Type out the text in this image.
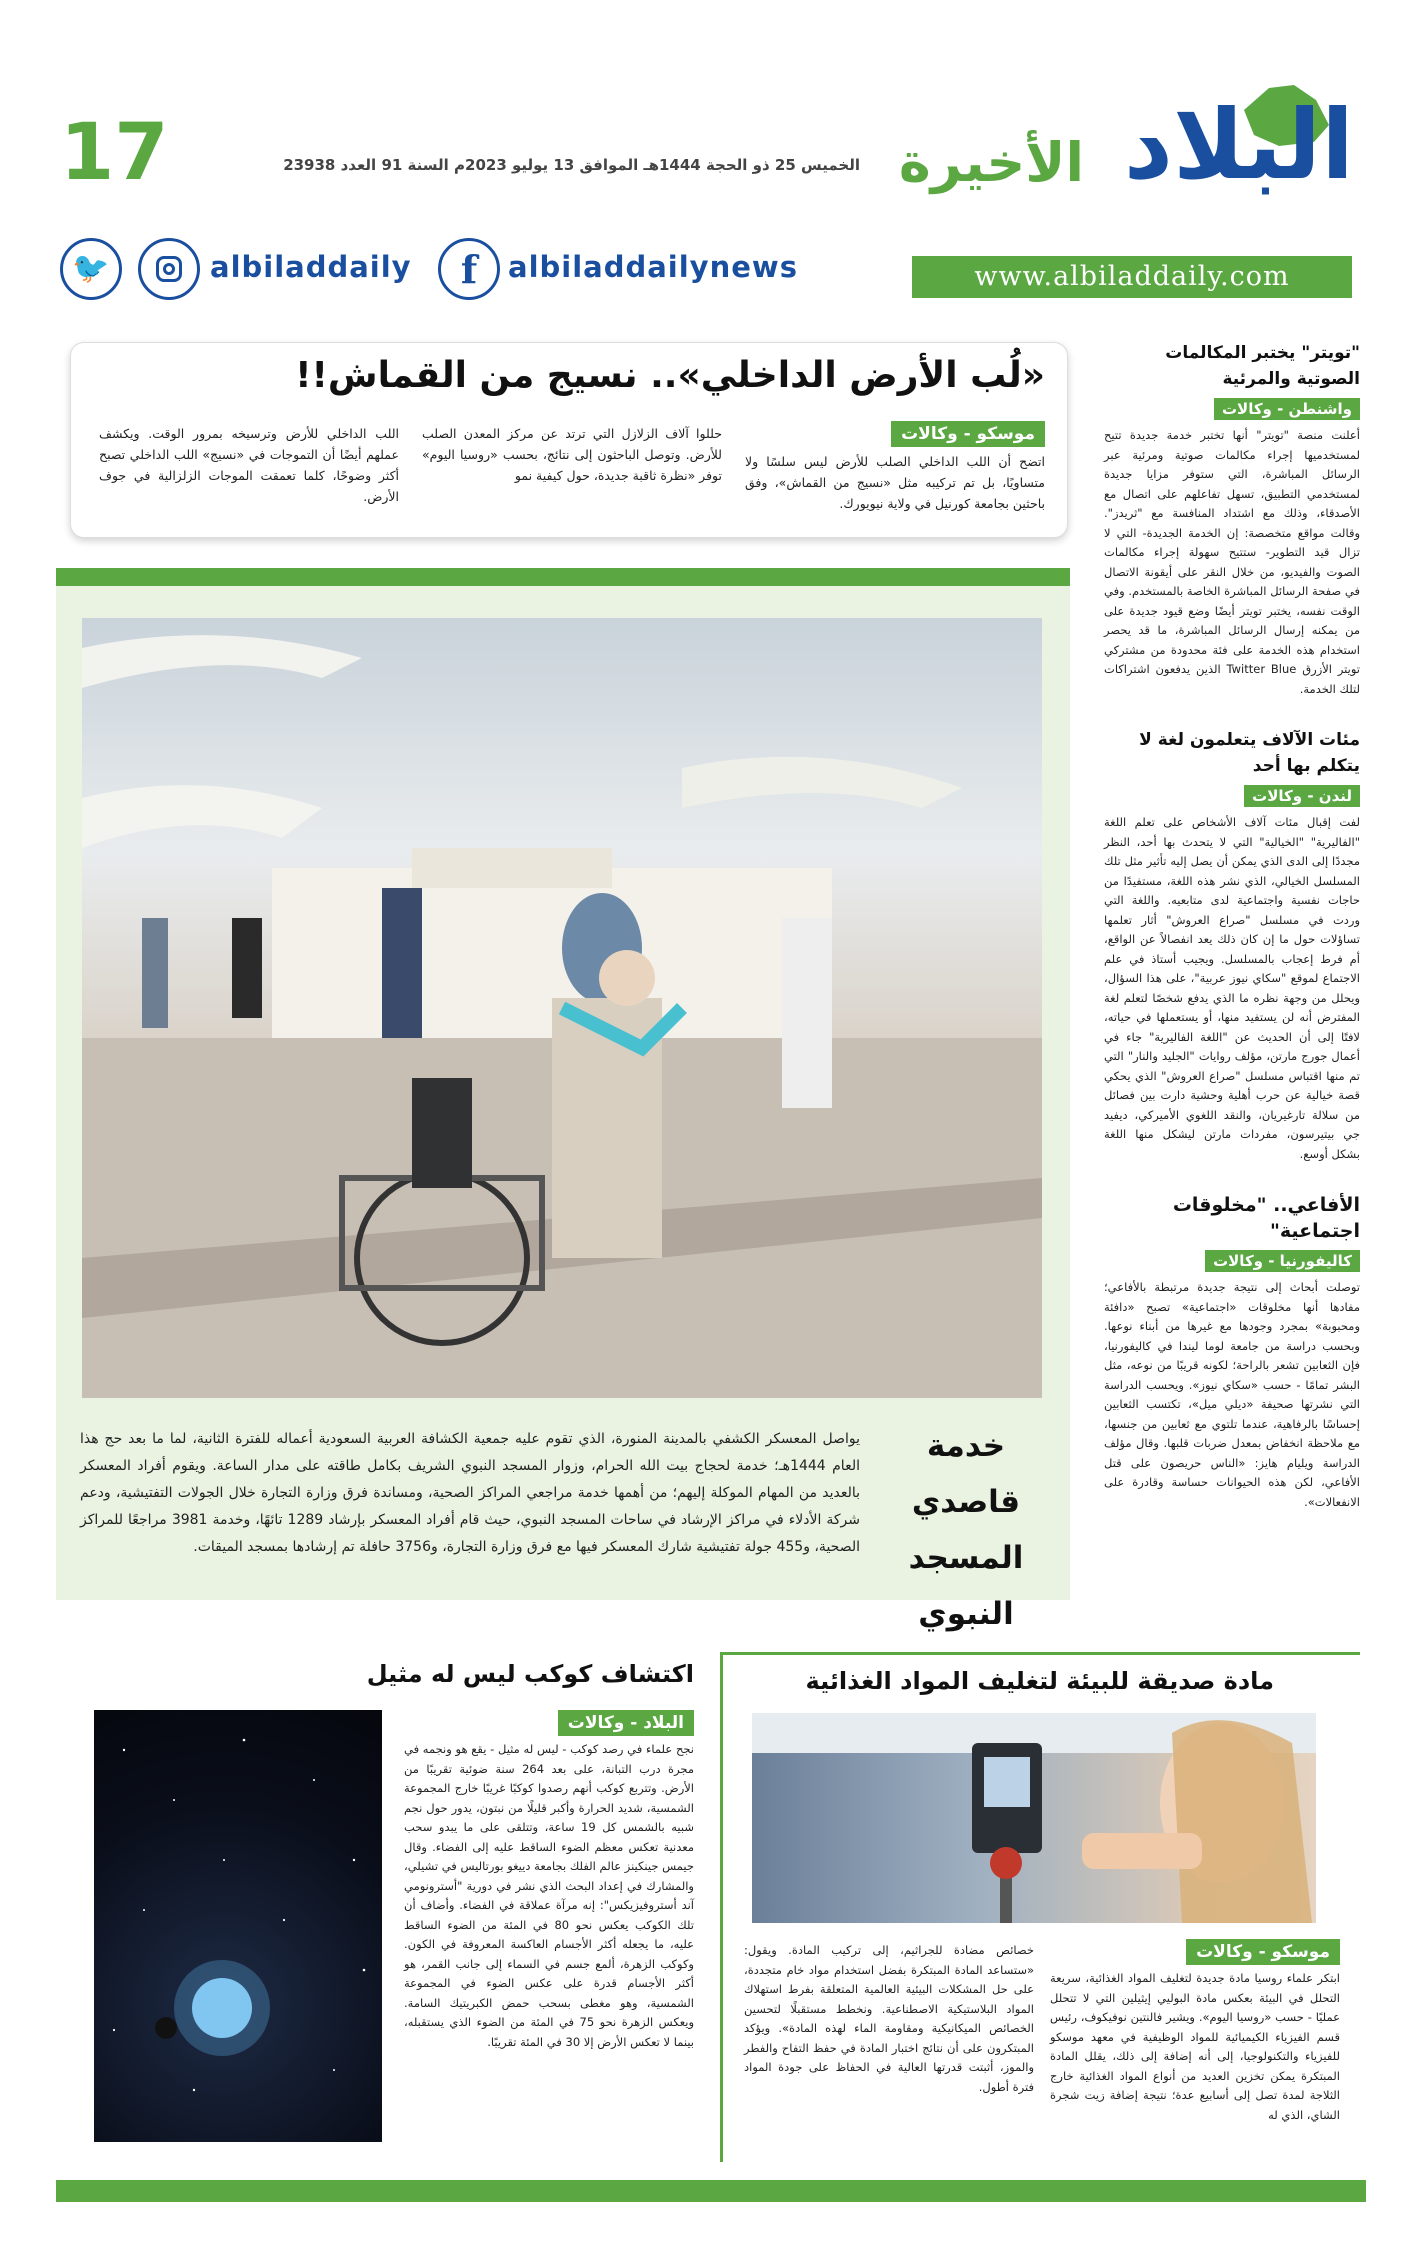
البلاد
الأخيرة
الخميس 25 ذو الحجة 1444هـ الموافق 13 يوليو 2023م السنة 91 العدد 23938
17
www.albiladdaily.com
🐦	albiladdaily	f	albiladdailynews
«لُب الأرض الداخلي».. نسيج من القماش!!
موسكو - وكالات
اتضح أن اللب الداخلي الصلب للأرض ليس سلسًا ولا متساويًا، بل تم تركيبه مثل «نسيج من القماش»، وفق باحثين بجامعة كورنيل في ولاية نيويورك.
حللوا آلاف الزلازل التي ترتد عن مركز المعدن الصلب للأرض. وتوصل الباحثون إلى نتائج، بحسب «روسيا اليوم» توفر «نظرة ثاقبة جديدة، حول كيفية نمو
اللب الداخلي للأرض وترسيخه بمرور الوقت. ويكشف عملهم أيضًا أن التموجات في «نسيج» اللب الداخلي تصبح أكثر وضوحًا، كلما تعمقت الموجات الزلزالية في جوف الأرض.
خدمة قاصدي
المسجد
النبوي
يواصل المعسكر الكشفي بالمدينة المنورة، الذي تقوم عليه جمعية الكشافة العربية السعودية أعماله للفترة الثانية، لما ما بعد حج هذا العام 1444هـ؛ خدمة لحجاج بيت الله الحرام، وزوار المسجد النبوي الشريف بكامل طاقته على مدار الساعة. ويقوم أفراد المعسكر بالعديد من المهام الموكلة إليهم؛ من أهمها خدمة مراجعي المراكز الصحية، ومساندة فرق وزارة التجارة خلال الجولات التفتيشية، ودعم شركة الأدلاء في مراكز الإرشاد في ساحات المسجد النبوي، حيث قام أفراد المعسكر بإرشاد 1289 تائهًا، وخدمة 3981 مراجعًا للمراكز الصحية، و455 جولة تفتيشية شارك المعسكر فيها مع فرق وزارة التجارة، و3756 حافلة تم إرشادها بمسجد الميقات.
"تويتر" يختبر المكالمات الصوتية والمرئية
واشنطن - وكالات
أعلنت منصة "تويتر" أنها تختبر خدمة جديدة تتيح لمستخدميها إجراء مكالمات صوتية ومرئية عبر الرسائل المباشرة، التي ستوفر مزايا جديدة لمستخدمي التطبيق، تسهل تفاعلهم على اتصال مع الأصدقاء، وذلك مع اشتداد المنافسة مع "ثريدز". وقالت مواقع متخصصة: إن الخدمة الجديدة- التي لا تزال قيد التطوير- ستتيح سهولة إجراء مكالمات الصوت والفيديو، من خلال النقر على أيقونة الاتصال في صفحة الرسائل المباشرة الخاصة بالمستخدم. وفي الوقت نفسه، يختبر تويتر أيضًا وضع قيود جديدة على من يمكنه إرسال الرسائل المباشرة، ما قد يحصر استخدام هذه الخدمة على فئة محدودة من مشتركي تويتر الأزرق Twitter Blue الذين يدفعون اشتراكات لتلك الخدمة.
مئات الآلاف يتعلمون لغة لا يتكلم بها أحد
لندن - وكالات
لفت إقبال مئات آلاف الأشخاص على تعلم اللغة "الفاليرية" "الخيالية" التي لا يتحدث بها أحد، النظر مجددًا إلى الدى الذي يمكن أن يصل إليه تأثير مثل تلك المسلسل الخيالي، الذي نشر هذه اللغة، مستفيدًا من حاجات نفسية واجتماعية لدى متابعيه. واللغة التي وردت في مسلسل "صراع العروش" أثار تعلمها تساؤلات حول ما إن كان ذلك يعد انفصالاً عن الواقع، أم فرط إعجاب بالمسلسل. ويجيب أستاذ في علم الاجتماع لموقع "سكاي نيوز عربية"، على هذا السؤال، ويحلل من وجهة نظره ما الذي يدفع شخصًا لتعلم لغة المفترض أنه لن يستفيد منها، أو يستعملها في حياته، لافتًا إلى أن الحديث عن "اللغة الفاليرية" جاء في أعمال جورج مارتن، مؤلف روايات "الجليد والنار" التي تم منها اقتباس مسلسل "صراع العروش" الذي يحكي قصة خيالية عن حرب أهلية وحشية دارت بين فصائل من سلالة تارغيريان، والنقد اللغوي الأميركي، ديفيد جي بيتيرسون، مفردات مارتن ليشكل منها اللغة بشكل أوسع.
الأفاعي.. "مخلوقات اجتماعية"
كاليفورنيا - وكالات
توصلت أبحاث إلى نتيجة جديدة مرتبطة بالأفاعي؛ مفادها أنها مخلوقات «اجتماعية» تصبح «دافئة ومحبوبة» بمجرد وجودها مع غيرها من أبناء نوعها. وبحسب دراسة من جامعة لوما ليندا في كاليفورنيا، فإن الثعابين تشعر بالراحة؛ لكونه قريبًا من نوعه، مثل البشر تمامًا - حسب «سكاي نيوز». ويحسب الدراسة التي نشرتها صحيفة «ديلي ميل»، تكتسب الثعابين إحساسًا بالرفاهية، عندما تلتوي مع ثعابين من جنسها، مع ملاحظة انخفاض بمعدل ضربات قلبها. وقال مؤلف الدراسة ويليام هايز: «الناس حريصون على قتل الأفاعي، لكن هذه الحيوانات حساسة وقادرة على الانفعالات».
مادة صديقة للبيئة لتغليف المواد الغذائية
موسكو - وكالات
ابتكر علماء روسيا مادة جديدة لتغليف المواد الغذائية، سريعة التحلل في البيئة بعكس مادة البوليي إيثيلين التي لا تتحلل عمليًا - حسب «روسيا اليوم». ويشير فالنتين نوفيكوف، رئيس قسم الفيزياء الكيميائية للمواد الوظيفية في معهد موسكو للفيزياء والتكنولوجيا، إلى أنه إضافة إلى ذلك، يقلل المادة المبتكرة يمكن تخزين العديد من أنواع المواد الغذائية خارج الثلاجة لمدة تصل إلى أسابيع عدة؛ نتيجة إضافة زيت شجرة الشاي، الذي له
خصائص مضادة للجراثيم، إلى تركيب المادة. ويقول: «ستساعد المادة المبتكرة بفضل استخدام مواد خام متجددة، على حل المشكلات البيئية العالمية المتعلقة بفرط استهلاك المواد البلاستيكية الاصطناعية. ونخطط مستقبلًا لتحسين الخصائص الميكانيكية ومقاومة الماء لهذه المادة». ويؤكد المبتكرون على أن نتائج اختبار المادة في حفظ التفاح والفطر والموز، أثبتت قدرتها العالية في الحفاظ على جودة المواد فترة أطول.
اكتشاف كوكب ليس له مثيل
البلاد - وكالات
نجح علماء في رصد كوكب - ليس له مثيل - يقع هو ونجمه في مجرة درب التبانة، على بعد 264 سنة ضوئية تقريبًا من الأرض. وتتربع كوكب أنهم رصدوا كوكبًا غريبًا خارج المجموعة الشمسية، شديد الحرارة وأكبر قليلًا من نبتون، يدور حول نجم شبيه بالشمس كل 19 ساعة، وتتلقى على ما يبدو سحب معدنية تعكس معظم الضوء الساقط عليه إلى الفضاء. وقال جيمس جينكينز عالم الفلك بجامعة دييغو بورتاليس في تشيلي، والمشارك في إعداد البحث الذي نشر في دورية "أسترونومي آند أستروفيزيكس": إنه مرآة عملاقة في الفضاء. وأضاف أن تلك الكوكب يعكس نحو 80 في المئة من الضوء الساقط عليه، ما يجعله أكثر الأجسام العاكسة المعروفة في الكون. وكوكب الزهرة، ألمع جسم في السماء إلى جانب القمر، هو أكثر الأجسام قدرة على عكس الضوء في المجموعة الشمسية، وهو مغطى بسحب حمض الكبريتيك السامة. ويعكس الزهرة نحو 75 في المئة من الضوء الذي يستقبله، بينما لا تعكس الأرض إلا 30 في المئة تقريبًا.
